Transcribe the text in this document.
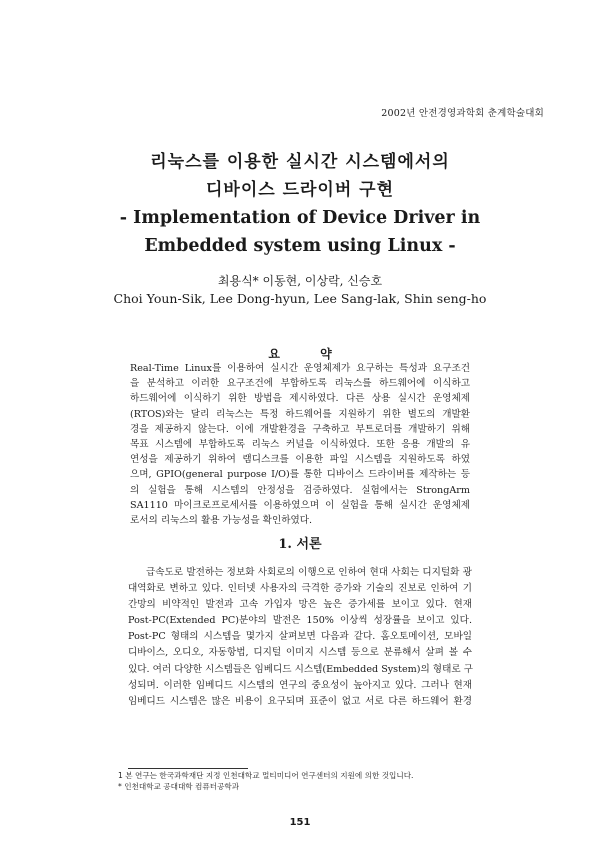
2002년 안전경영과학회 춘계학술대회
리눅스를 이용한 실시간 시스템에서의
디바이스 드라이버 구현
- Implementation of Device Driver in
Embedded system using Linux -
최용식* 이동현, 이상락, 신승호
Choi Youn-Sik, Lee Dong-hyun, Lee Sang-lak, Shin seng-ho
요 약
Real-Time Linux를 이용하여 실시간 운영체제가 요구하는 특성과 요구조건
을 분석하고 이러한 요구조건에 부합하도록 리눅스를 하드웨어에 이식하고
하드웨어에 이식하기 위한 방법을 제시하였다. 다른 상용 실시간 운영체제
(RTOS)와는 달리 리눅스는 특정 하드웨어를 지원하기 위한 별도의 개발환
경을 제공하지 않는다. 이에 개발환경을 구축하고 부트로더를 개발하기 위해
목표 시스템에 부합하도록 리눅스 커널을 이식하였다. 또한 응용 개발의 유
연성을 제공하기 위하여 램디스크를 이용한 파일 시스템을 지원하도록 하였
으며, GPIO(general purpose I/O)를 통한 디바이스 드라이버를 제작하는 등
의 실험을 통해 시스템의 안정성을 검증하였다. 실험에서는 StrongArm
SA1110 마이크로프로세서를 이용하였으며 이 실험을 통해 실시간 운영체제
로서의 리눅스의 활용 가능성을 확인하였다.
1. 서론
급속도로 발전하는 정보화 사회로의 이행으로 인하여 현대 사회는 디지털화 광
대역화로 변하고 있다. 인터넷 사용자의 극격한 증가와 기술의 진보로 인하여 기
간망의 비약적인 발전과 고속 가입자 망은 높은 증가세를 보이고 있다. 현재
Post-PC(Extended PC)분야의 발전은 150% 이상씩 성장률을 보이고 있다.
Post-PC 형태의 시스템을 몇가지 살펴보면 다음과 같다. 홈오토메이션, 모바일
디바이스, 오디오, 자동항법, 디지털 이미지 시스템 등으로 분류해서 살펴 볼 수
있다. 여러 다양한 시스템들은 임베디드 시스템(Embedded System)의 형태로 구
성되며. 이러한 임베디드 시스템의 연구의 중요성이 높아지고 있다. 그러나 현재
임베디드 시스템은 많은 비용이 요구되며 표준이 없고 서로 다른 하드웨어 환경
1 본 연구는 한국과학재단 지정 인천대학교 멀티미디어 연구센터의 지원에 의한 것입니다.
* 인천대학교 공대대학 컴퓨터공학과
151
